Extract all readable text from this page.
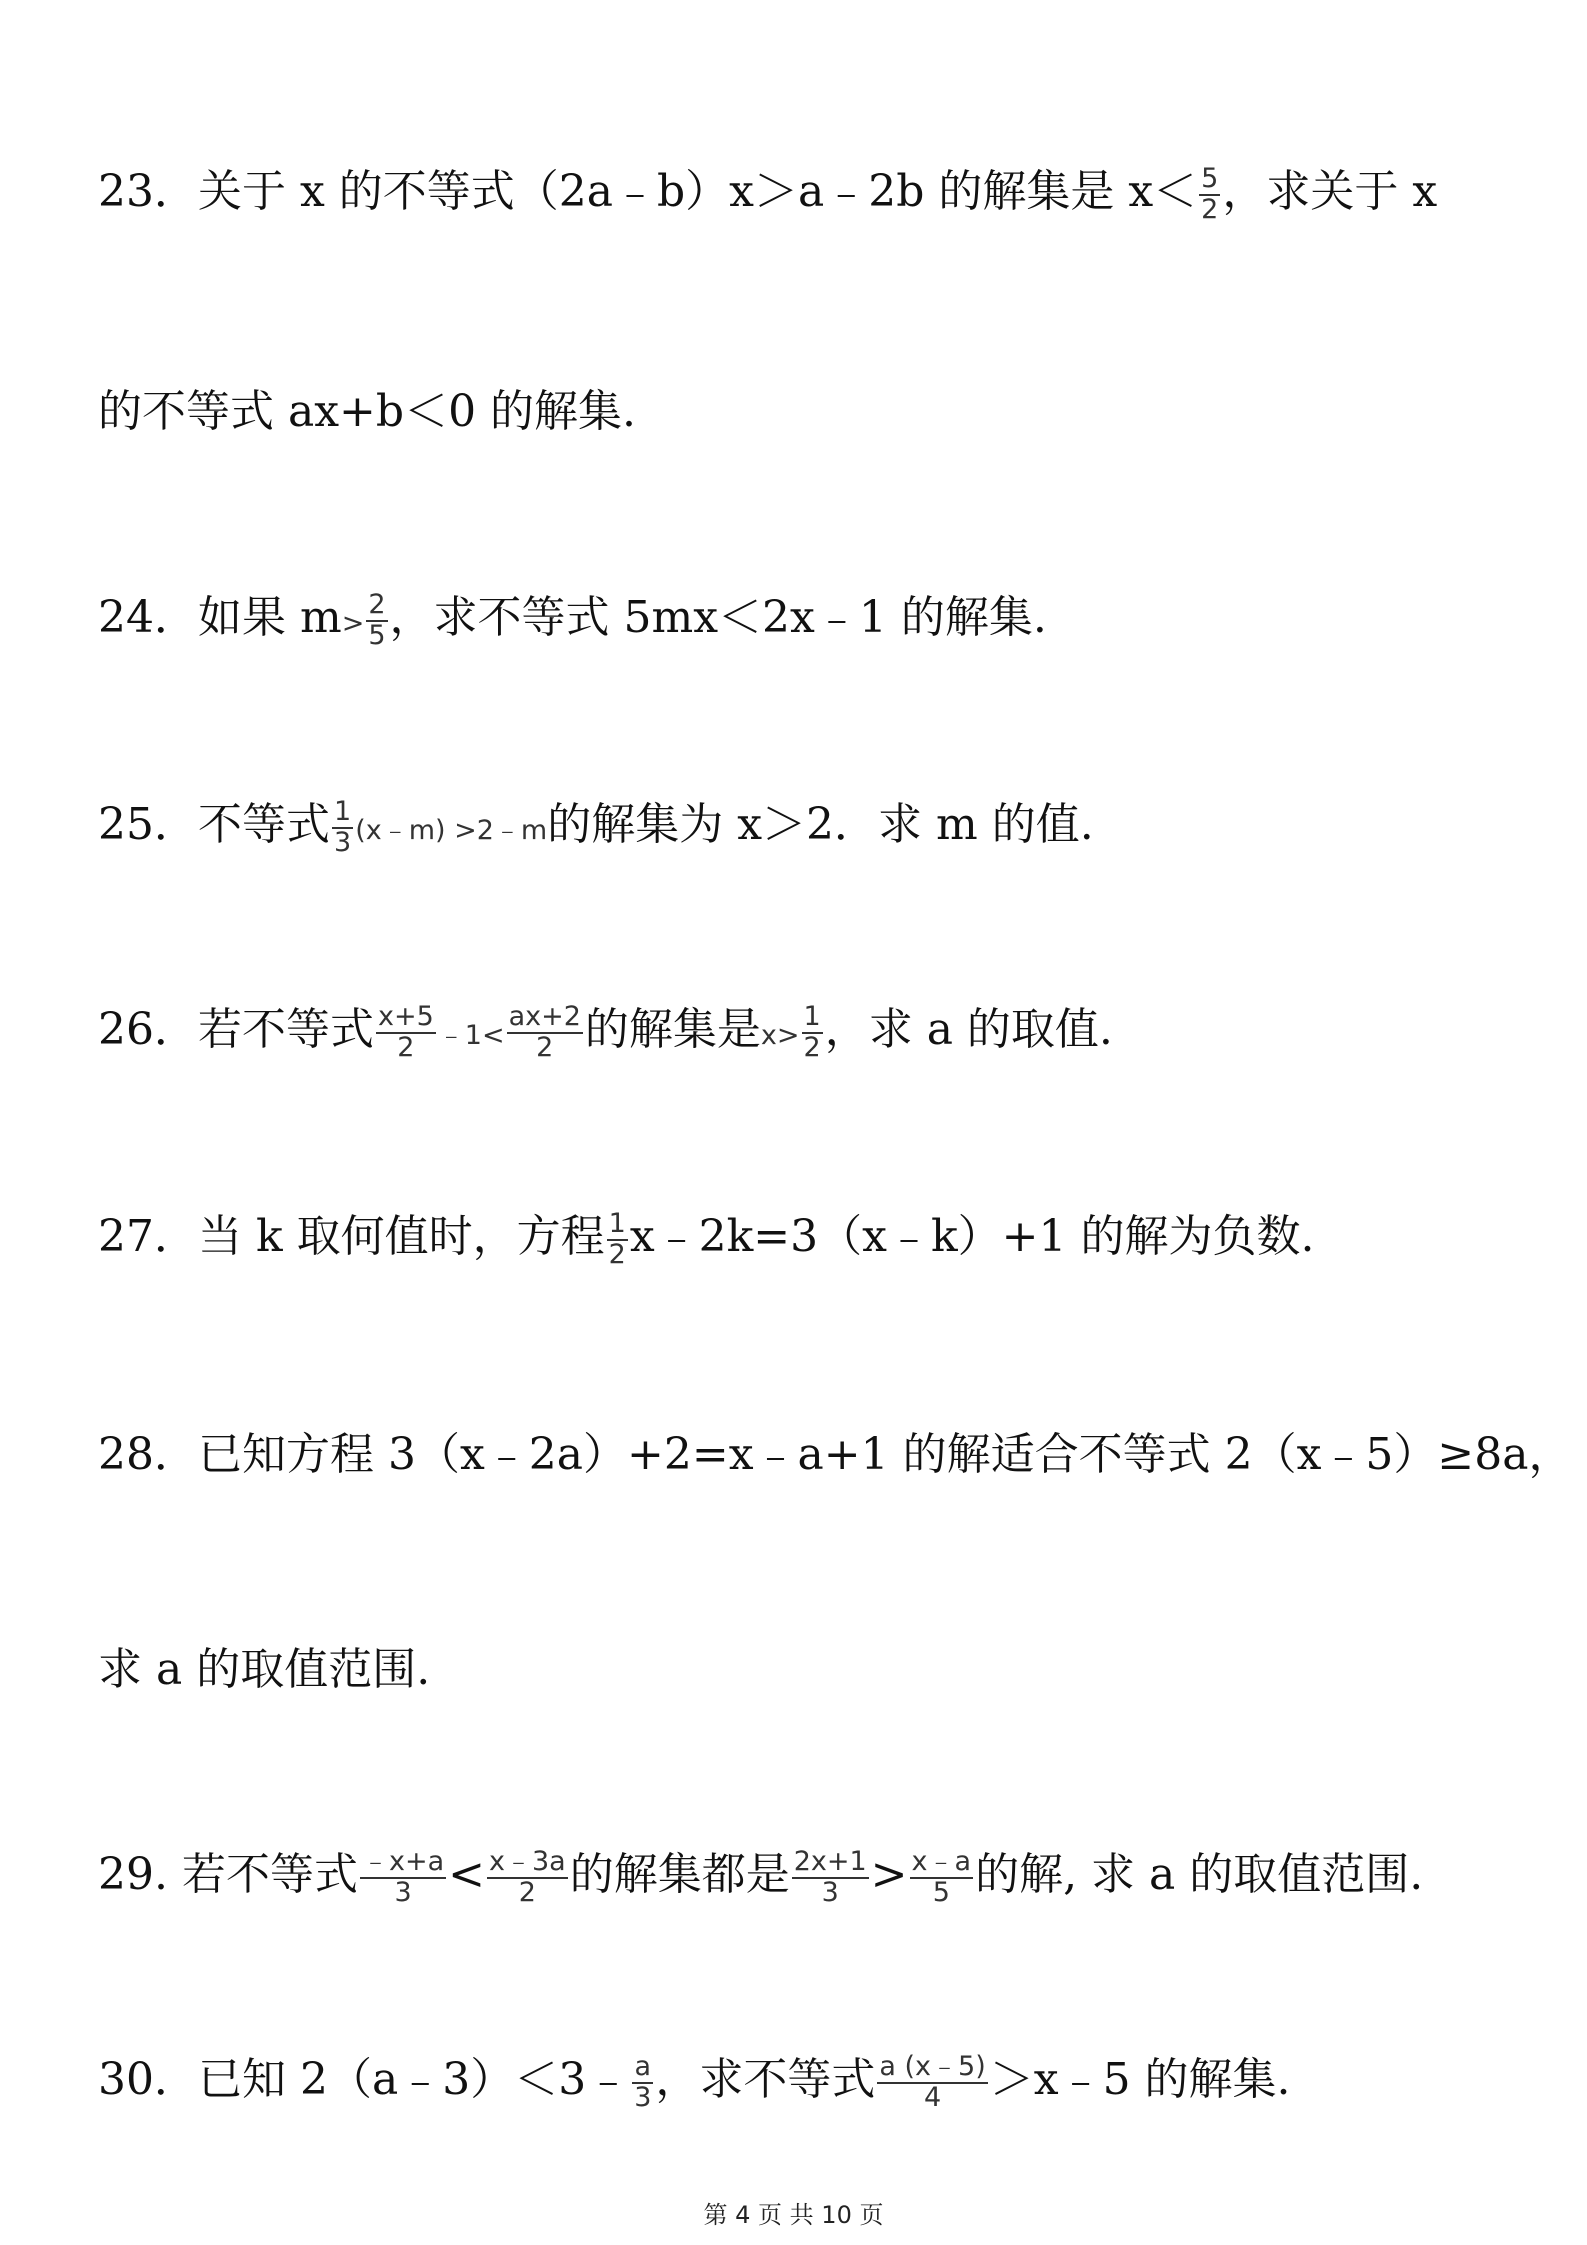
23．关于 x 的不等式（2a﹣b）x＞a﹣2b 的解集是 $x< \frac{5}{2}$ ，求关于 x
的不等式 ax+b＜0 的解集.
24．如果 $m> \frac{2}{5}$ ，求不等式 5mx＜2x﹣1 的解集.
25．不等式 $\frac{1}{3}$ (x﹣m) >2﹣m的解集为 x＞2．求 m 的值.
26．若不等式 $\frac{x+5}{2}$ ﹣1< $\frac{ax+2}{2}$ 的解集是$x> \frac{1}{2}$ ，求 a 的取值.
27．当 k 取何值时，方程 $\frac{1}{2}$ x﹣2k=3（x﹣k）+1 的解为负数.
28．已知方程 3（x﹣2a）+2=x﹣a+1 的解适合不等式 2（x﹣5）≥8a，
求 a 的取值范围.
29. 若不等式 $\frac{﹣x+a}{3} < \frac{x﹣3a}{2}$ 的解集都是 $\frac{2x+1}{3} > \frac{x﹣a}{5}$ 的解, 求 a 的取值范围.
30．已知 2（a﹣3）＜3﹣ $\frac{a}{3}$ ，求不等式 $\frac{a (x﹣5)}{4}$ ＞x﹣5 的解集.
第 4 页 共 10 页
